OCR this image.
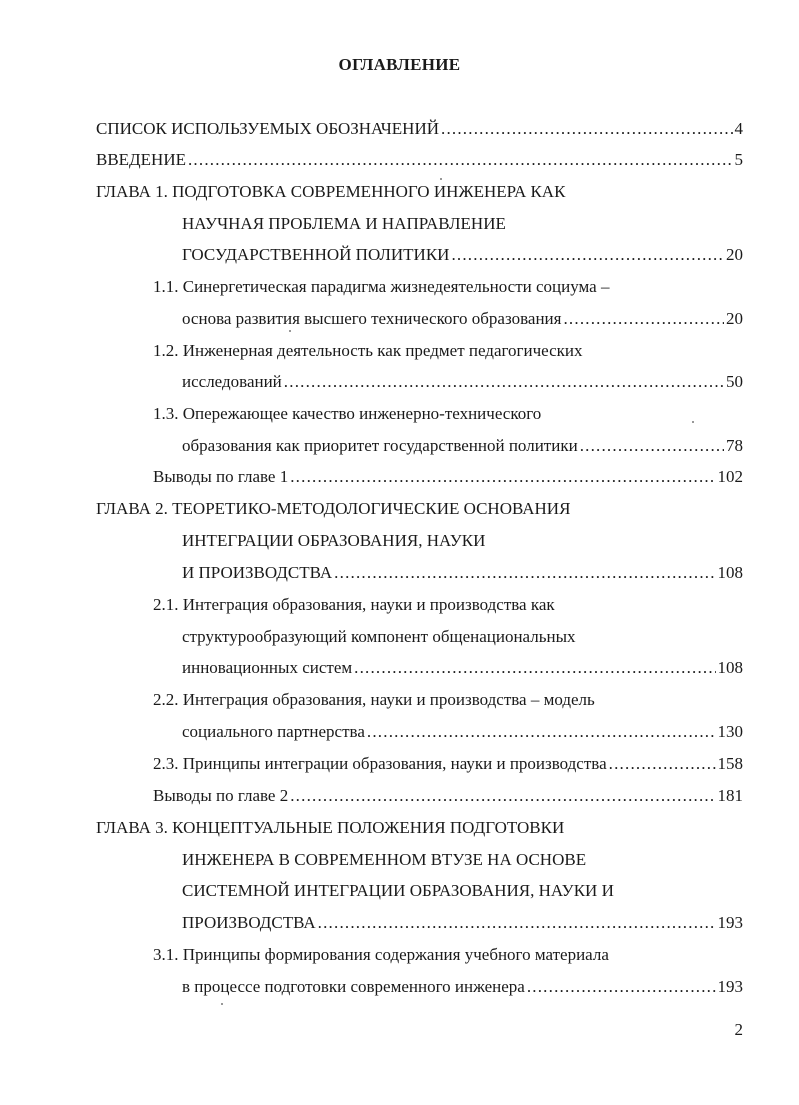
ОГЛАВЛЕНИЕ
СПИСОК ИСПОЛЬЗУЕМЫХ ОБОЗНАЧЕНИЙ .....	4
ВВЕДЕНИЕ .....	5
ГЛАВА 1. ПОДГОТОВКА СОВРЕМЕННОГО ИНЖЕНЕРА КАК
НАУЧНАЯ ПРОБЛЕМА И НАПРАВЛЕНИЕ
ГОСУДАРСТВЕННОЙ ПОЛИТИКИ .....	20
1.1. Синергетическая парадигма жизнедеятельности социума –
основа развития высшего технического образования .....	20
1.2. Инженерная деятельность как предмет педагогических
исследований .....	50
1.3. Опережающее качество инженерно-технического
образования как приоритет государственной политики .....	78
Выводы по главе 1 .....	102
ГЛАВА 2. ТЕОРЕТИКО-МЕТОДОЛОГИЧЕСКИЕ ОСНОВАНИЯ
ИНТЕГРАЦИИ ОБРАЗОВАНИЯ, НАУКИ
И ПРОИЗВОДСТВА .....	108
2.1. Интеграция образования, науки и производства как
структурообразующий компонент общенациональных
инновационных систем .....	108
2.2. Интеграция образования, науки и производства – модель
социального партнерства .....	130
2.3. Принципы интеграции образования, науки и производства .....	158
Выводы по главе 2 .....	181
ГЛАВА 3. КОНЦЕПТУАЛЬНЫЕ ПОЛОЖЕНИЯ ПОДГОТОВКИ
ИНЖЕНЕРА В СОВРЕМЕННОМ ВТУЗЕ НА ОСНОВЕ
СИСТЕМНОЙ ИНТЕГРАЦИИ ОБРАЗОВАНИЯ, НАУКИ И
ПРОИЗВОДСТВА .....	193
3.1. Принципы формирования содержания учебного материала
в процессе подготовки современного инженера .....	193
2
